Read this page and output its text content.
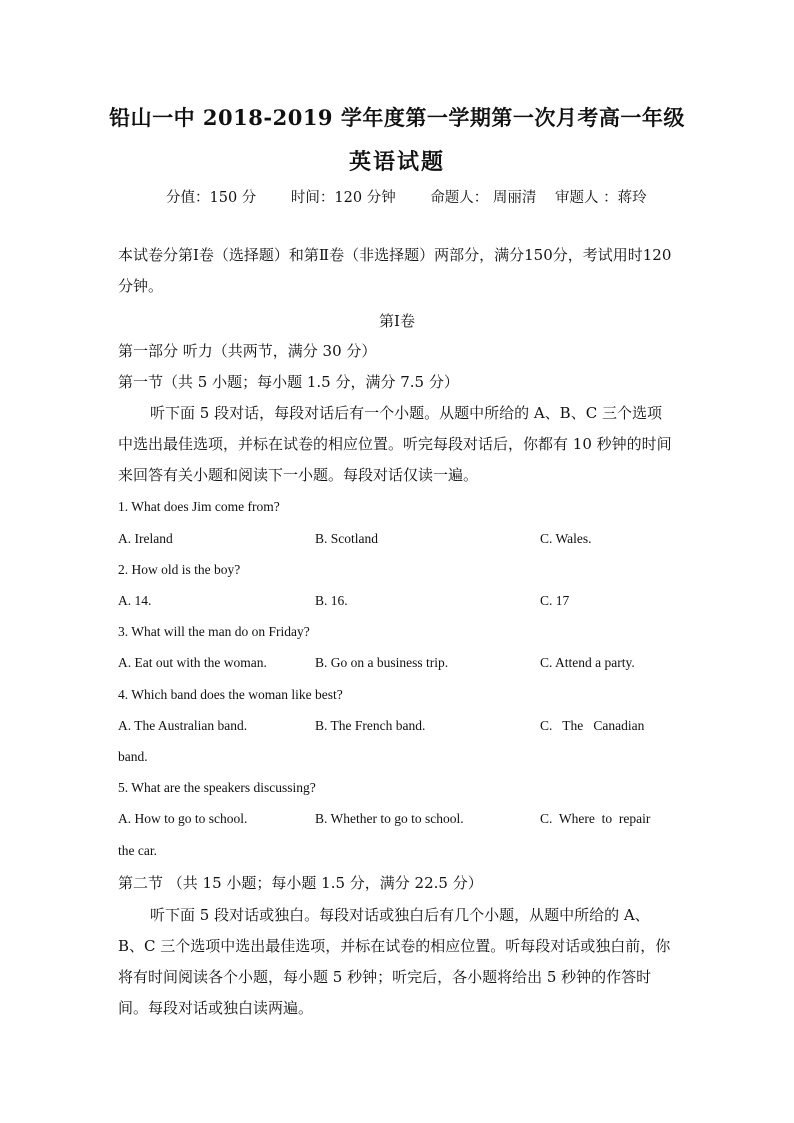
铅山一中 2018-2019 学年度第一学期第一次月考高一年级
英语试题
分值：150 分 时间：120 分钟 命题人： 周丽清 审题人 ：蒋玲
本试卷分第Ⅰ卷（选择题）和第Ⅱ卷（非选择题）两部分，满分150分，考试用时120分钟。
第Ⅰ卷
第一部分 听力（共两节，满分 30 分）
第一节（共 5 小题；每小题 1.5 分，满分 7.5 分）
听下面 5 段对话，每段对话后有一个小题。从题中所给的 A、B、C 三个选项中选出最佳选项，并标在试卷的相应位置。听完每段对话后，你都有 10 秒钟的时间来回答有关小题和阅读下一小题。每段对话仅读一遍。
1. What does Jim come from?
A. Ireland	B. Scotland	C. Wales.
2. How old is the boy?
A. 14.	B. 16.	C. 17
3. What will the man do on Friday?
A. Eat out with the woman.	B. Go on a business trip.	C. Attend a party.
4. Which band does the woman like best?
A. The Australian band.	B. The French band.	C.   The   Canadian
band.
5. What are the speakers discussing?
A. How to go to school.	B. Whether to go to school.	C.  Where  to  repair
the car.
第二节 （共 15 小题；每小题 1.5 分，满分 22.5 分）
听下面 5 段对话或独白。每段对话或独白后有几个小题，从题中所给的 A、B、C 三个选项中选出最佳选项，并标在试卷的相应位置。听每段对话或独白前，你将有时间阅读各个小题，每小题 5 秒钟；听完后，各小题将给出 5 秒钟的作答时间。每段对话或独白读两遍。
